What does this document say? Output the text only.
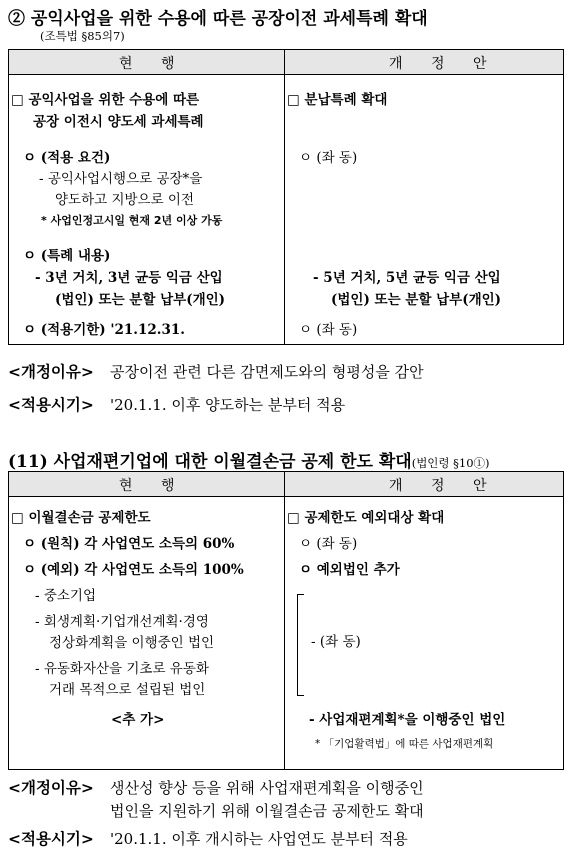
② 공익사업을 위한 수용에 따른 공장이전 과세특례 확대
(조특법 §85의7)
현 행	개 정 안
□ 공익사업을 위한 수용에 따른
공장 이전시 양도세 과세특례
ㅇ (적용 요건)
- 공익사업시행으로 공장*을
양도하고 지방으로 이전
* 사업인정고시일 현재 2년 이상 가동
ㅇ (특례 내용)
- 3년 거치, 3년 균등 익금 산입
(법인) 또는 분할 납부(개인)
ㅇ (적용기한) '21.12.31.
□ 분납특례 확대
ㅇ (좌 동)
- 5년 거치, 5년 균등 익금 산입
(법인) 또는 분할 납부(개인)
ㅇ (좌 동)
<개정이유> 공장이전 관련 다른 감면제도와의 형평성을 감안
<적용시기> '20.1.1. 이후 양도하는 분부터 적용
(11) 사업재편기업에 대한 이월결손금 공제 한도 확대(법인령 §10①)
현 행	개 정 안
□ 이월결손금 공제한도
ㅇ (원칙) 각 사업연도 소득의 60%
ㅇ (예외) 각 사업연도 소득의 100%
- 중소기업
- 회생계획·기업개선계획·경영
정상화계획을 이행중인 법인
- 유동화자산을 기초로 유동화
거래 목적으로 설립된 법인
<추 가>
□ 공제한도 예외대상 확대
ㅇ (좌 동)
ㅇ 예외법인 추가
- (좌 동)
- 사업재편계획*을 이행중인 법인
* 「기업활력법」에 따른 사업재편계획
<개정이유> 생산성 향상 등을 위해 사업재편계획을 이행중인
법인을 지원하기 위해 이월결손금 공제한도 확대
<적용시기> '20.1.1. 이후 개시하는 사업연도 분부터 적용
